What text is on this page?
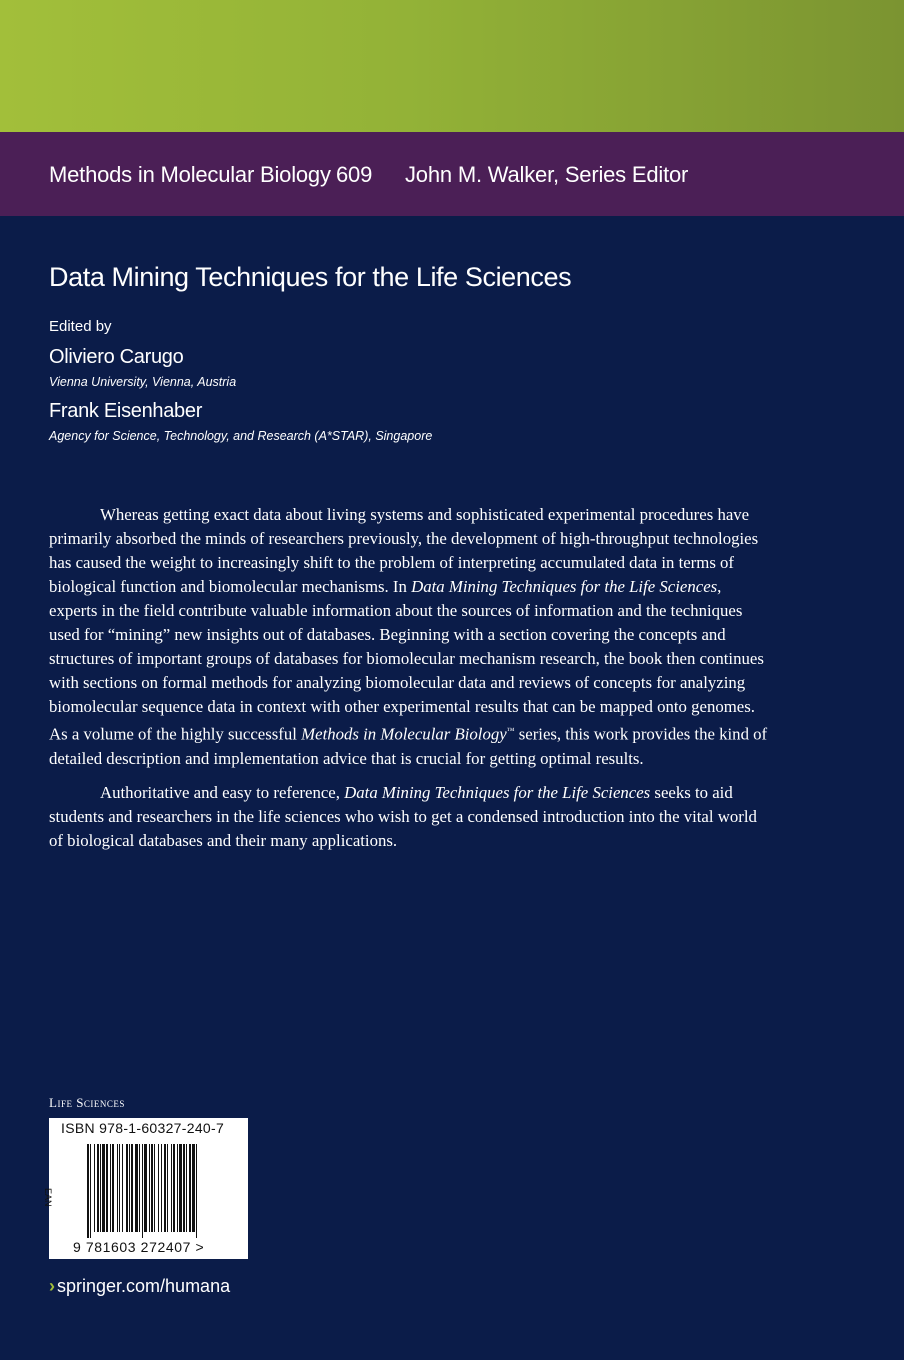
Methods in Molecular Biology 609 John M. Walker, Series Editor
Data Mining Techniques for the Life Sciences
Edited by
Oliviero Carugo
Vienna University, Vienna, Austria
Frank Eisenhaber
Agency for Science, Technology, and Research (A*STAR), Singapore

Whereas getting exact data about living systems and sophisticated experimental procedures have primarily absorbed the minds of researchers previously, the development of high-throughput technologies has caused the weight to increasingly shift to the problem of interpreting accumulated data in terms of biological function and biomolecular mechanisms. In Data Mining Techniques for the Life Sciences, experts in the field contribute valuable information about the sources of information and the techniques used for “mining” new insights out of databases. Beginning with a section covering the concepts and structures of important groups of databases for biomolecular mechanism research, the book then continues with sections on formal methods for analyzing biomolecular data and reviews of concepts for analyzing biomolecular sequence data in context with other experimental results that can be mapped onto genomes. As a volume of the highly successful Methods in Molecular Biology™ series, this work provides the kind of detailed description and implementation advice that is crucial for getting optimal results.

Authoritative and easy to reference, Data Mining Techniques for the Life Sciences seeks to aid students and researchers in the life sciences who wish to get a condensed introduction into the vital world of biological databases and their many applications.

Life Sciences
ISBN 978-1-60327-240-7
EAN
9 781603 272407 >
› springer.com/humana
